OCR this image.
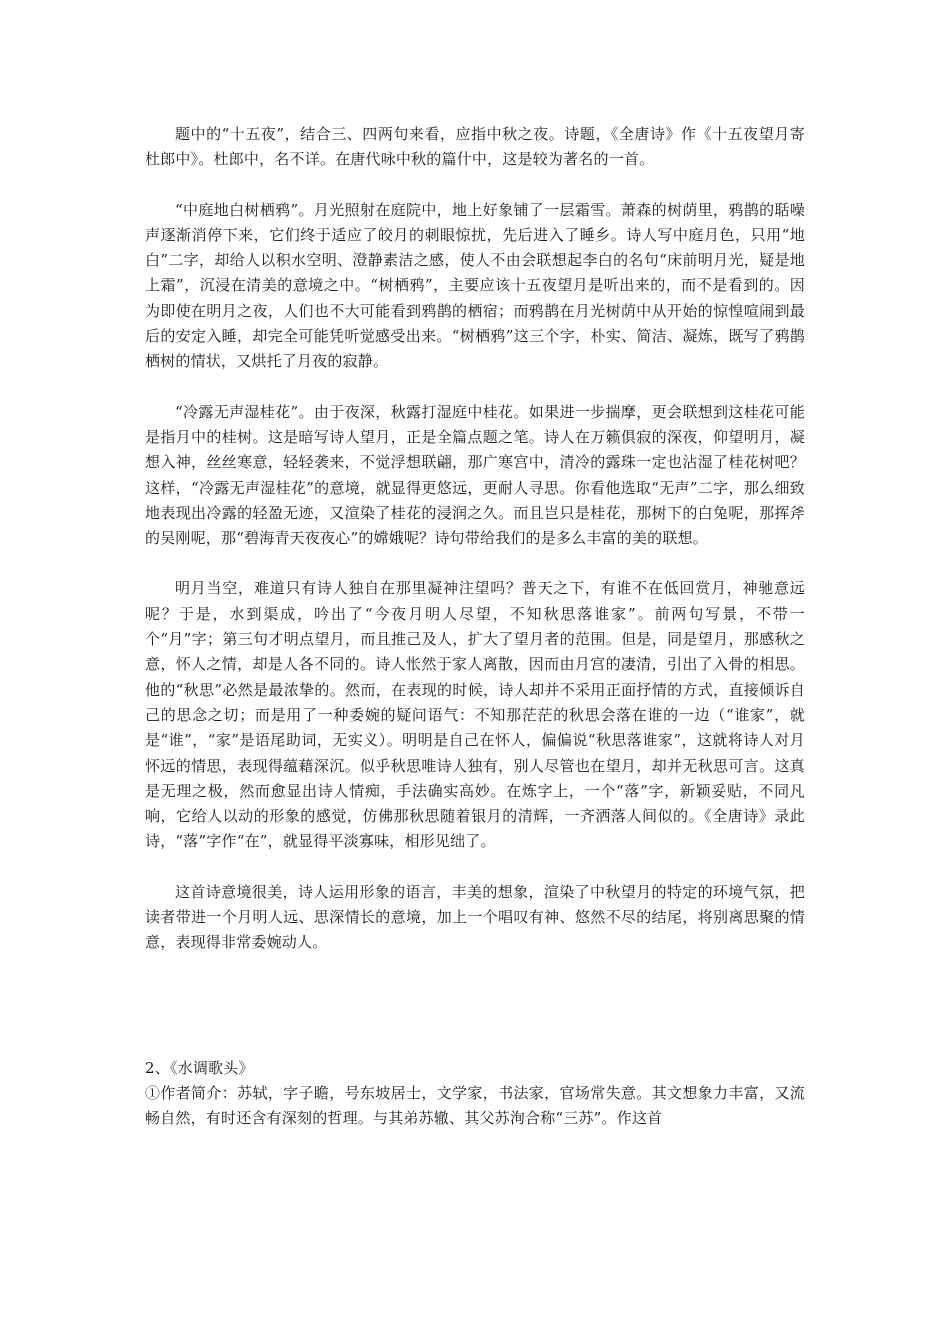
题中的“十五夜”，结合三、四两句来看，应指中秋之夜。诗题，《全唐诗》作《十五夜望月寄杜郎中》。杜郎中，名不详。在唐代咏中秋的篇什中，这是较为著名的一首。

“中庭地白树栖鸦”。月光照射在庭院中，地上好象铺了一层霜雪。萧森的树荫里，鸦鹊的聒噪声逐渐消停下来，它们终于适应了皎月的刺眼惊扰，先后进入了睡乡。诗人写中庭月色，只用“地白”二字，却给人以积水空明、澄静素洁之感，使人不由会联想起李白的名句“床前明月光，疑是地上霜”，沉浸在清美的意境之中。“树栖鸦”，主要应该十五夜望月是听出来的，而不是看到的。因为即使在明月之夜，人们也不大可能看到鸦鹊的栖宿；而鸦鹊在月光树荫中从开始的惊惶喧闹到最后的安定入睡，却完全可能凭听觉感受出来。“树栖鸦”这三个字，朴实、简洁、凝炼，既写了鸦鹊栖树的情状，又烘托了月夜的寂静。

“冷露无声湿桂花”。由于夜深，秋露打湿庭中桂花。如果进一步揣摩，更会联想到这桂花可能是指月中的桂树。这是暗写诗人望月，正是全篇点题之笔。诗人在万籁俱寂的深夜，仰望明月，凝想入神，丝丝寒意，轻轻袭来，不觉浮想联翩，那广寒宫中，清冷的露珠一定也沾湿了桂花树吧？这样，“冷露无声湿桂花”的意境，就显得更悠远，更耐人寻思。你看他选取“无声”二字，那么细致地表现出冷露的轻盈无迹，又渲染了桂花的浸润之久。而且岂只是桂花，那树下的白兔呢，那挥斧的吴刚呢，那“碧海青天夜夜心”的嫦娥呢？诗句带给我们的是多么丰富的美的联想。

明月当空，难道只有诗人独自在那里凝神注望吗？普天之下，有谁不在低回赏月，神驰意远呢？于是，水到渠成，吟出了“今夜月明人尽望，不知秋思落谁家”。前两句写景，不带一个“月”字；第三句才明点望月，而且推己及人，扩大了望月者的范围。但是，同是望月，那感秋之意，怀人之情，却是人各不同的。诗人怅然于家人离散，因而由月宫的凄清，引出了入骨的相思。他的“秋思”必然是最浓挚的。然而，在表现的时候，诗人却并不采用正面抒情的方式，直接倾诉自己的思念之切；而是用了一种委婉的疑问语气：不知那茫茫的秋思会落在谁的一边（“谁家”，就是“谁”，“家”是语尾助词，无实义）。明明是自己在怀人，偏偏说“秋思落谁家”，这就将诗人对月怀远的情思，表现得蕴藉深沉。似乎秋思唯诗人独有，别人尽管也在望月，却并无秋思可言。这真是无理之极，然而愈显出诗人情痴，手法确实高妙。在炼字上，一个“落”字，新颖妥贴，不同凡响，它给人以动的形象的感觉，仿佛那秋思随着银月的清辉，一齐洒落人间似的。《全唐诗》录此诗，“落”字作“在”，就显得平淡寡味，相形见绌了。

这首诗意境很美，诗人运用形象的语言，丰美的想象，渲染了中秋望月的特定的环境气氛，把读者带进一个月明人远、思深情长的意境，加上一个唱叹有神、悠然不尽的结尾，将别离思聚的情意，表现得非常委婉动人。

2、《水调歌头》

①作者简介：苏轼，字子瞻，号东坡居士，文学家，书法家，官场常失意。其文想象力丰富，又流畅自然，有时还含有深刻的哲理。与其弟苏辙、其父苏洵合称“三苏”。作这首
